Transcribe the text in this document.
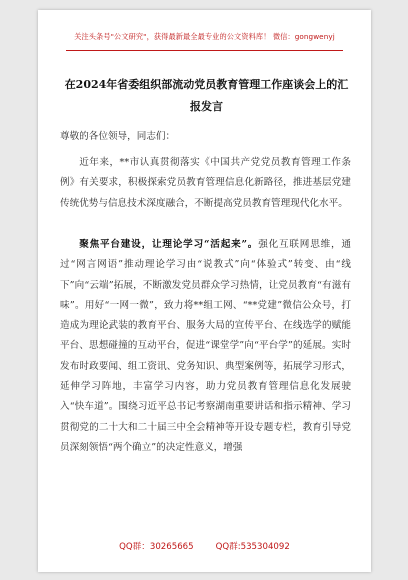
关注头条号"公文研究"，获得最新最全最专业的公文资料库！ 微信：gongwenyj
在2024年省委组织部流动党员教育管理工作座谈会上的汇报发言
尊敬的各位领导，同志们：
近年来，**市认真贯彻落实《中国共产党党员教育管理工作条例》有关要求，积极探索党员教育管理信息化新路径，推进基层党建传统优势与信息技术深度融合，不断提高党员教育管理现代化水平。
聚焦平台建设，让理论学习“活起来”。强化互联网思维，通过“网言网语”推动理论学习由“说教式”向“体验式”转变、由“线下”向“云端”拓展，不断激发党员群众学习热情，让党员教育“有滋有味”。用好“一网一微”，致力将**组工网、“**党建”微信公众号，打造成为理论武装的教育平台、服务大局的宣传平台、在线选学的赋能平台、思想碰撞的互动平台，促进“课堂学”向“平台学”的延展。实时发布时政要闻、组工资讯、党务知识、典型案例等，拓展学习形式，延伸学习阵地，丰富学习内容，助力党员教育管理信息化发展驶入“快车道”。围绕习近平总书记考察湖南重要讲话和指示精神、学习贯彻党的二十大和二十届三中全会精神等开设专题专栏，教育引导党员深刻领悟“两个确立”的决定性意义，增强
QQ群：30265665	QQ群:535304092
